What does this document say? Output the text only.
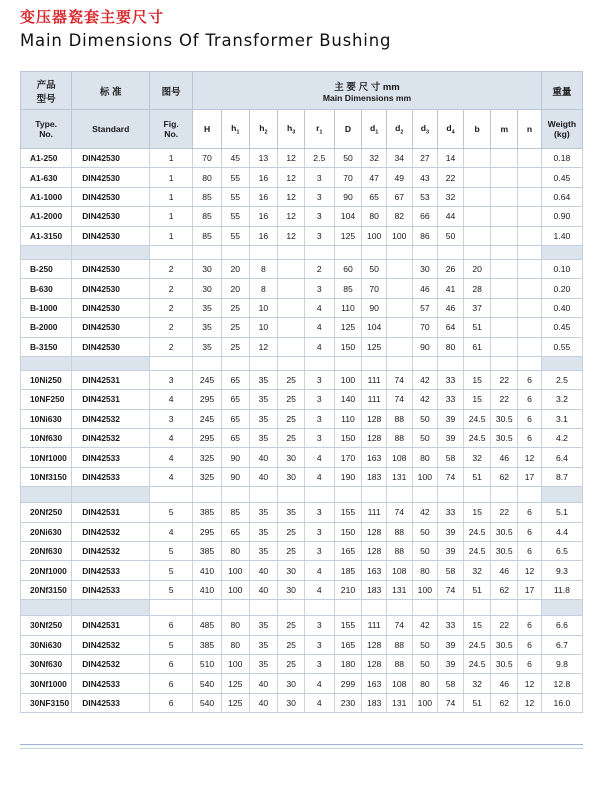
变压器瓷套主要尺寸
Main Dimensions Of Transformer Bushing
产品
型号	标 准	图号	主 要 尺 寸 mm
Main Dimensions mm													重量

Type.
No.	Standard	Fig.
No.	H	$h_1$	$h_2$	$h_3$	$r_1$	D	$d_1$	$d_2$	$d_3$	$d_4$	b	m	n	Weigth
(kg)

A1-250	DIN42530	1	70	45	13	12	2.5	50	32	34	27	14				0.18
A1-630	DIN42530	1	80	55	16	12	3	70	47	49	43	22				0.45
A1-1000	DIN42530	1	85	55	16	12	3	90	65	67	53	32				0.64
A1-2000	DIN42530	1	85	55	16	12	3	104	80	82	66	44				0.90
A1-3150	DIN42530	1	85	55	16	12	3	125	100	100	86	50				1.40

B-250	DIN42530	2	30	20	8		2	60	50		30	26	20			0.10
B-630	DIN42530	2	30	20	8		3	85	70		46	41	28			0.20
B-1000	DIN42530	2	35	25	10		4	110	90		57	46	37			0.40
B-2000	DIN42530	2	35	25	10		4	125	104		70	64	51			0.45
B-3150	DIN42530	2	35	25	12		4	150	125		90	80	61			0.55

10Ni250	DIN42531	3	245	65	35	25	3	100	111	74	42	33	15	22	6	2.5
10NF250	DIN42531	4	295	65	35	25	3	140	111	74	42	33	15	22	6	3.2
10Ni630	DIN42532	3	245	65	35	25	3	110	128	88	50	39	24.5	30.5	6	3.1
10Nf630	DIN42532	4	295	65	35	25	3	150	128	88	50	39	24.5	30.5	6	4.2
10Nf1000	DIN42533	4	325	90	40	30	4	170	163	108	80	58	32	46	12	6.4
10Nf3150	DIN42533	4	325	90	40	30	4	190	183	131	100	74	51	62	17	8.7

20Nf250	DIN42531	5	385	85	35	35	3	155	111	74	42	33	15	22	6	5.1
20Ni630	DIN42532	4	295	65	35	25	3	150	128	88	50	39	24.5	30.5	6	4.4
20Nf630	DIN42532	5	385	80	35	25	3	165	128	88	50	39	24.5	30.5	6	6.5
20Nf1000	DIN42533	5	410	100	40	30	4	185	163	108	80	58	32	46	12	9.3
20Nf3150	DIN42533	5	410	100	40	30	4	210	183	131	100	74	51	62	17	11.8

30Nf250	DIN42531	6	485	80	35	25	3	155	111	74	42	33	15	22	6	6.6
30Ni630	DIN42532	5	385	80	35	25	3	165	128	88	50	39	24.5	30.5	6	6.7
30Nf630	DIN42532	6	510	100	35	25	3	180	128	88	50	39	24.5	30.5	6	9.8
30Nf1000	DIN42533	6	540	125	40	30	4	299	163	108	80	58	32	46	12	12.8
30NF3150	DIN42533	6	540	125	40	30	4	230	183	131	100	74	51	62	12	16.0
